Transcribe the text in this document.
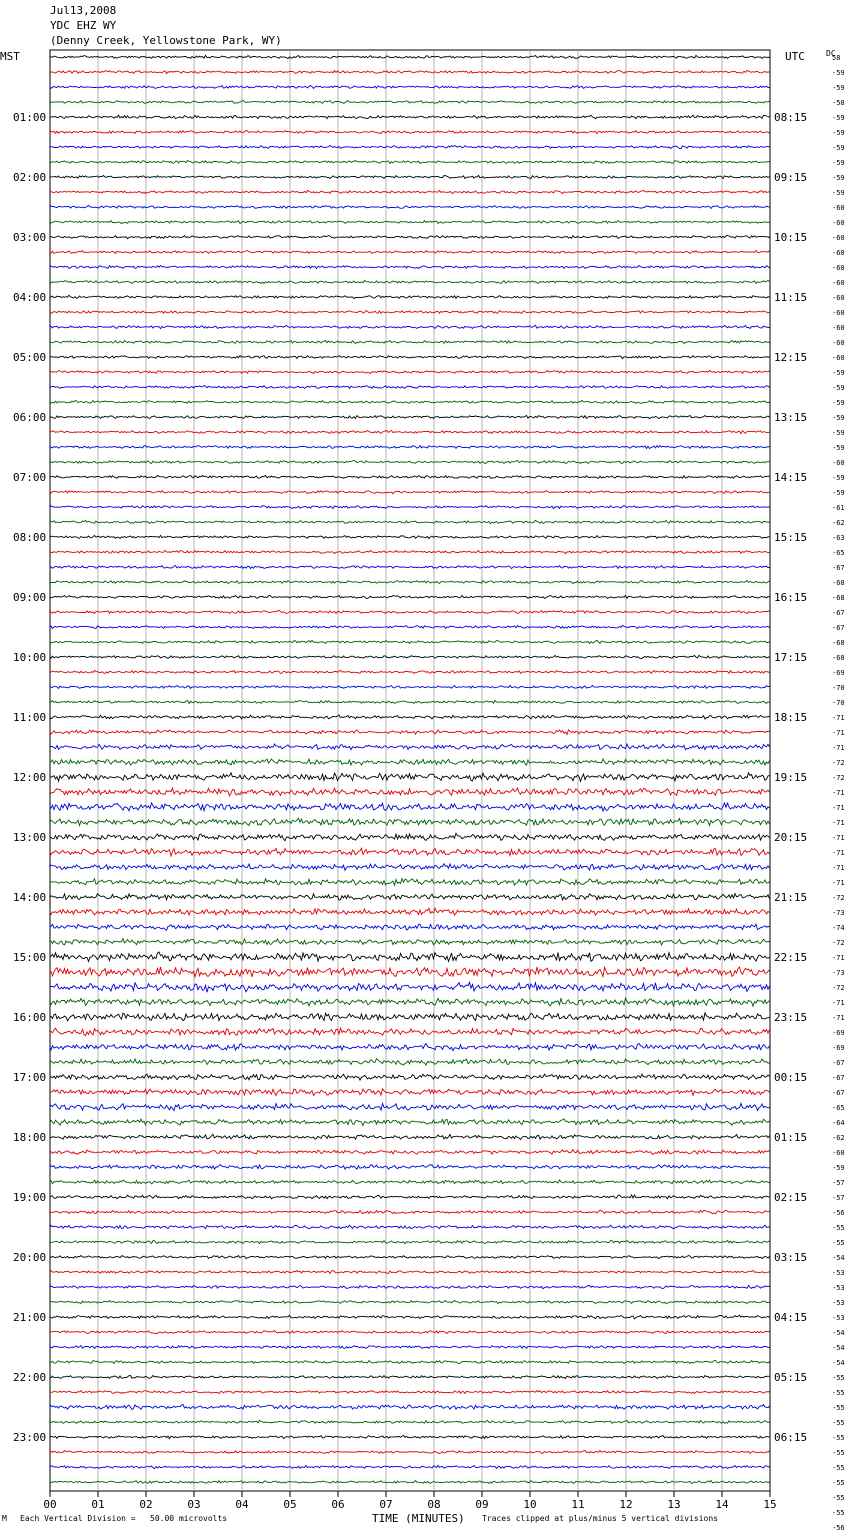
Jul13,2008
YDC EHZ WY
(Denny Creek, Yellowstone Park, WY)
MST	UTC	DC
00	01	02	03	04	05	06	07	08	09	10	11	12	13	14	15
01:00
02:00
03:00
04:00
05:00
06:00
07:00
08:00
09:00
10:00
11:00
12:00
13:00
14:00
15:00
16:00
17:00
18:00
19:00
20:00
21:00
22:00
23:00
08:15
09:15
10:15
11:15
12:15
13:15
14:15
15:15
16:15
17:15
18:15
19:15
20:15
21:15
22:15
23:15
00:15
01:15
02:15
03:15
04:15
05:15
06:15
58
-59
-59
-58
-59
-59
-59
-59
-59
-59
-60
-60
-60
-60
-60
-60
-60
-60
-60
-60
-60
-59
-59
-59
-59
-59
-59
-60
-59
-59
-61
-62
-63
-65
-67
-68
-68
-67
-67
-68
-68
-69
-70
-70
-71
-71
-71
-72
-72
-71
-71
-71
-71
-71
-71
-71
-72
-73
-74
-72
-71
-73
-72
-71
-71
-69
-69
-67
-67
-67
-65
-64
-62
-60
-59
-57
-57
-56
-55
-55
-54
-53
-53
-53
-53
-54
-54
-54
-55
-55
-55
-55
-55
-55
-55
-55
-55
-55
-56
M Each Vertical Division =   50.00 microvolts	TIME (MINUTES) Traces clipped at plus/minus 5 vertical divisions
